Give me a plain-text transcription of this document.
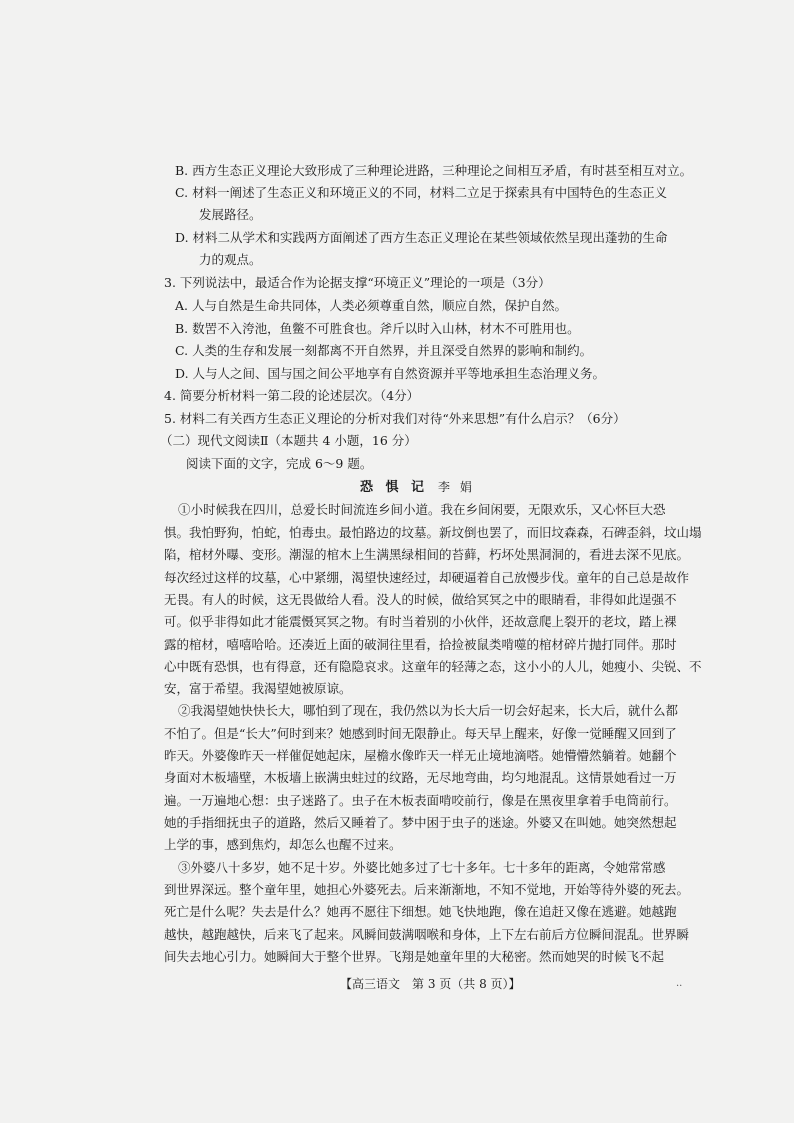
B. 西方生态正义理论大致形成了三种理论进路，三种理论之间相互矛盾，有时甚至相互对立。
C. 材料一阐述了生态正义和环境正义的不同，材料二立足于探索具有中国特色的生态正义
发展路径。
D. 材料二从学术和实践两方面阐述了西方生态正义理论在某些领域依然呈现出蓬勃的生命
力的观点。
3. 下列说法中，最适合作为论据支撑“环境正义”理论的一项是（3分）
A. 人与自然是生命共同体，人类必须尊重自然，顺应自然，保护自然。
B. 数罟不入洿池，鱼鳖不可胜食也。斧斤以时入山林，材木不可胜用也。
C. 人类的生存和发展一刻都离不开自然界，并且深受自然界的影响和制约。
D. 人与人之间、国与国之间公平地享有自然资源并平等地承担生态治理义务。
4. 简要分析材料一第二段的论述层次。（4分）
5. 材料二有关西方生态正义理论的分析对我们对待“外来思想”有什么启示？（6分）
（二）现代文阅读Ⅱ（本题共 4 小题，16 分）
阅读下面的文字，完成 6～9 题。
恐 惧 记 李 娟
①小时候我在四川，总爱长时间流连乡间小道。我在乡间闲要，无限欢乐，又心怀巨大恐
惧。我怕野狗，怕蛇，怕毒虫。最怕路边的坟墓。新坟倒也罢了，而旧坟森森，石碑歪斜，坟山塌
陷，棺材外曝、变形。潮湿的棺木上生满黑绿相间的苔藓，朽坏处黑洞洞的，看进去深不见底。
每次经过这样的坟墓，心中紧绷，渴望快速经过，却硬逼着自己放慢步伐。童年的自己总是故作
无畏。有人的时候，这无畏做给人看。没人的时候，做给冥冥之中的眼睛看，非得如此逞强不
可。似乎非得如此才能震慑冥冥之物。有时当着别的小伙伴，还故意爬上裂开的老坟，踏上裸
露的棺材，嘻嘻哈哈。还凑近上面的破洞往里看，拾捡被鼠类啃噬的棺材碎片抛打同伴。那时
心中既有恐惧，也有得意，还有隐隐哀求。这童年的轻薄之态，这小小的人儿，她瘦小、尖锐、不
安，富于希望。我渴望她被原谅。
②我渴望她快快长大，哪怕到了现在，我仍然以为长大后一切会好起来，长大后，就什么都
不怕了。但是“长大”何时到来？她感到时间无限静止。每天早上醒来，好像一觉睡醒又回到了
昨天。外婆像昨天一样催促她起床，屋檐水像昨天一样无止境地滴嗒。她懵懵然躺着。她翻个
身面对木板墙壁，木板墙上嵌满虫蛀过的纹路，无尽地弯曲，均匀地混乱。这情景她看过一万
遍。一万遍地心想：虫子迷路了。虫子在木板表面啃咬前行，像是在黑夜里拿着手电筒前行。
她的手指细抚虫子的道路，然后又睡着了。梦中困于虫子的迷途。外婆又在叫她。她突然想起
上学的事，感到焦灼，却怎么也醒不过来。
③外婆八十多岁，她不足十岁。外婆比她多过了七十多年。七十多年的距离，令她常常感
到世界深远。整个童年里，她担心外婆死去。后来渐渐地，不知不觉地，开始等待外婆的死去。
死亡是什么呢？失去是什么？她再不愿往下细想。她飞快地跑，像在追赶又像在逃避。她越跑
越快，越跑越快，后来飞了起来。风瞬间鼓满咽喉和身体，上下左右前后方位瞬间混乱。世界瞬
间失去地心引力。她瞬间大于整个世界。飞翔是她童年里的大秘密。然而她哭的时候飞不起
【高三语文　第 3 页（共 8 页）】	..
